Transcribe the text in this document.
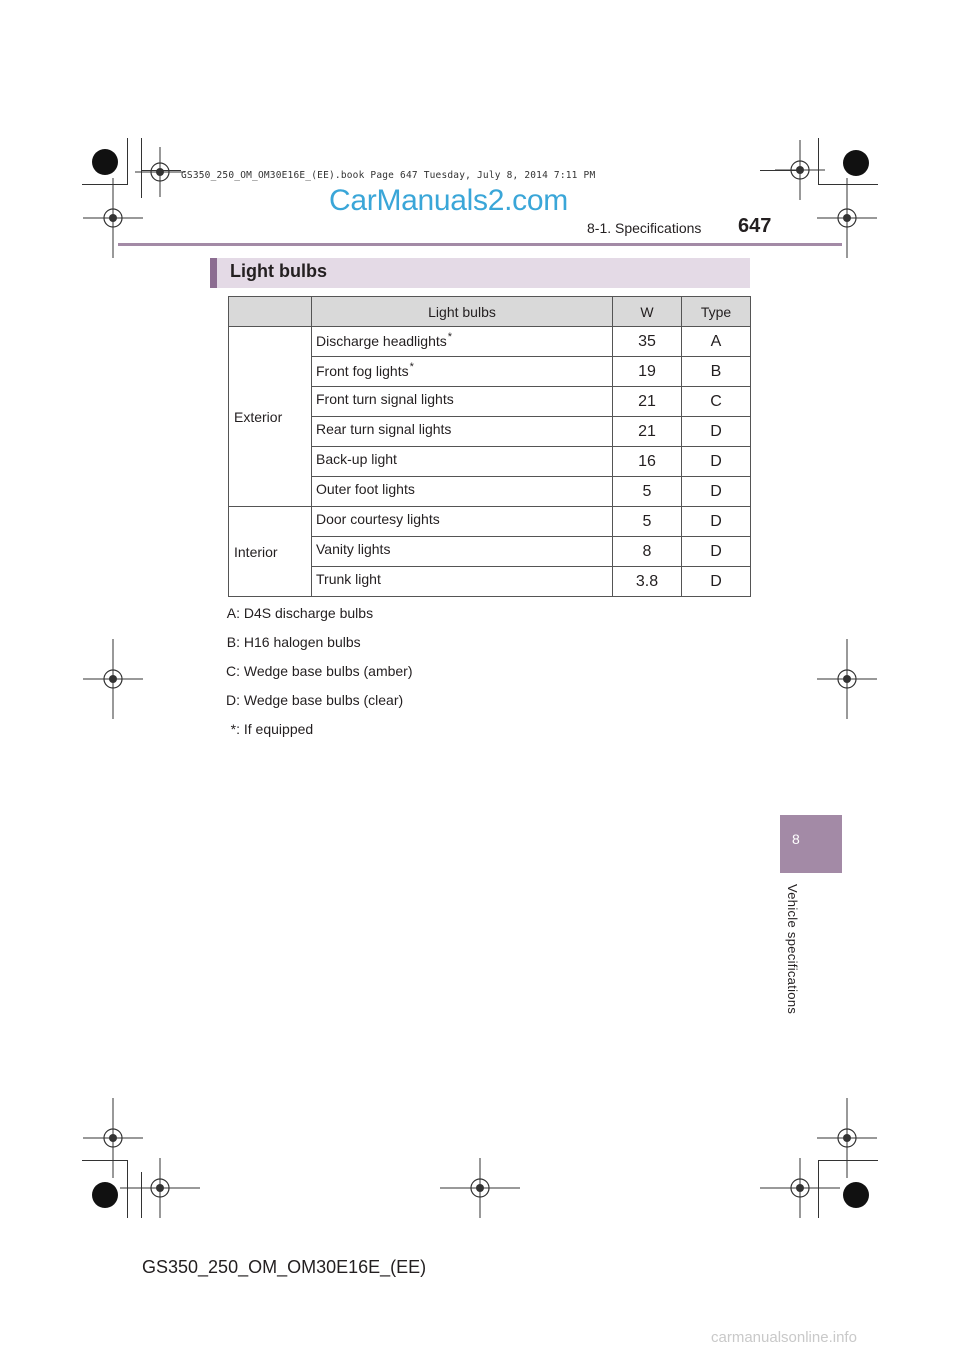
GS350_250_OM_OM30E16E_(EE).book Page 647 Tuesday, July 8, 2014 7:11 PM
CarManuals2.com
8-1. Specifications 647
Light bulbs
	Light bulbs	W	Type
Exterior	Discharge headlights*	35	A
	Front fog lights*	19	B
	Front turn signal lights	21	C
	Rear turn signal lights	21	D
	Back-up light	16	D
	Outer foot lights	5	D
Interior	Door courtesy lights	5	D
	Vanity lights	8	D
	Trunk light	3.8	D
A: D4S discharge bulbs
B: H16 halogen bulbs
C: Wedge base bulbs (amber)
D: Wedge base bulbs (clear)
*: If equipped
8
Vehicle specifications
GS350_250_OM_OM30E16E_(EE)
carmanualsonline.info
